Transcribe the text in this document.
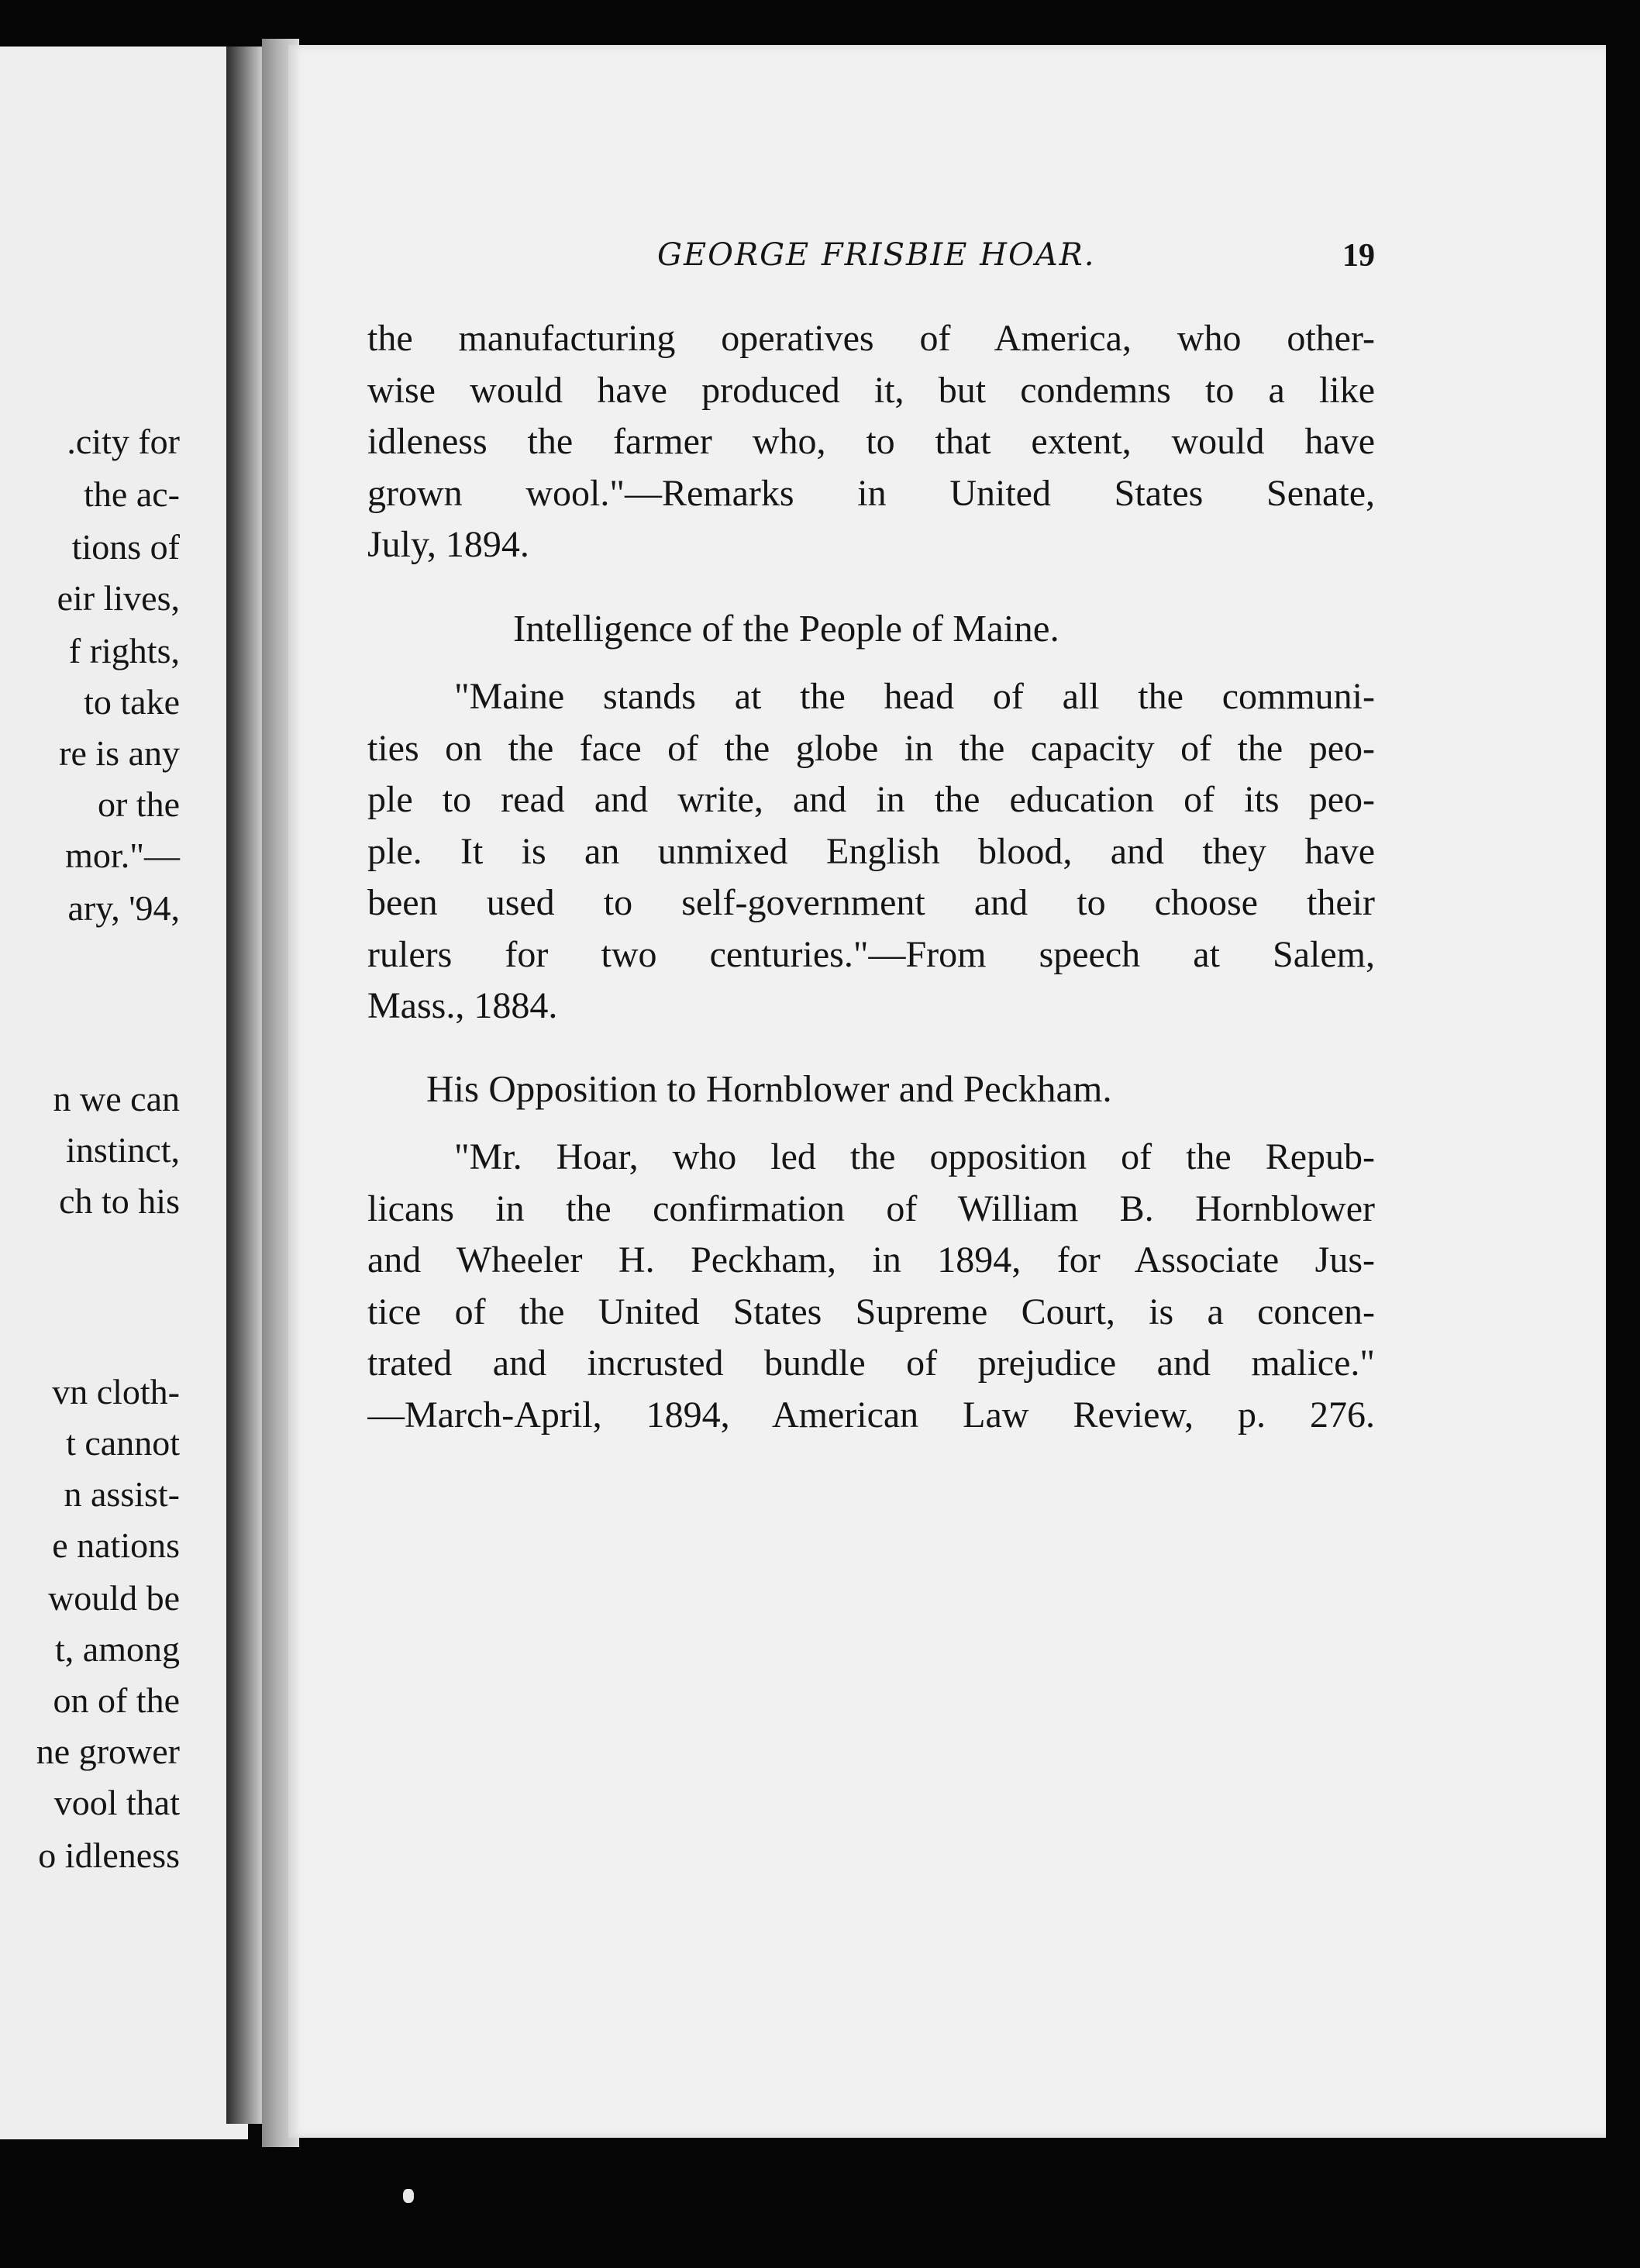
.city for
the ac-
tions of
eir lives,
f rights,
to take
re is any
or the
mor."—
ary, '94,
n we can
instinct,
ch to his
vn cloth-
t cannot
n assist-
e nations
would be
t, among
on of the
ne grower
vool that
o idleness
GEORGE FRISBIE HOAR.	19
the manufacturing operatives of America, who other-
wise would have produced it, but condemns to a like
idleness the farmer who, to that extent, would have
grown wool."—Remarks in United States Senate,
July, 1894.
Intelligence of the People of Maine.
"Maine stands at the head of all the communi-
ties on the face of the globe in the capacity of the peo-
ple to read and write, and in the education of its peo-
ple. It is an unmixed English blood, and they have
been used to self-government and to choose their
rulers for two centuries."—From speech at Salem,
Mass., 1884.
His Opposition to Hornblower and Peckham.
"Mr. Hoar, who led the opposition of the Repub-
licans in the confirmation of William B. Hornblower
and Wheeler H. Peckham, in 1894, for Associate Jus-
tice of the United States Supreme Court, is a concen-
trated and incrusted bundle of prejudice and malice."
—March-April, 1894, American Law Review, p. 276.
